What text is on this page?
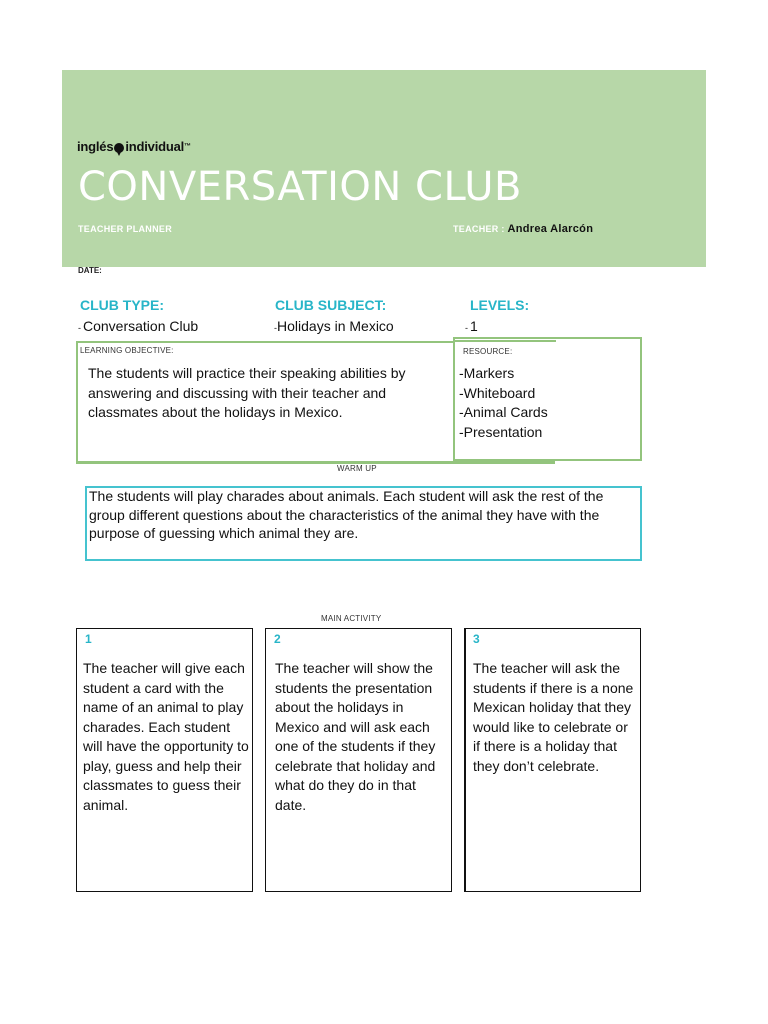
inglés individual ™
CONVERSATION CLUB
TEACHER PLANNER	TEACHER : Andrea Alarcón
DATE:
CLUB TYPE:
- Conversation Club
CLUB SUBJECT:
-Holidays in Mexico
LEVELS:
- 1
LEARNING OBJECTIVE:
The students will practice their speaking abilities by answering and discussing with their teacher and classmates about the holidays in Mexico.
RESOURCE:
-Markers
-Whiteboard
-Animal Cards
-Presentation
WARM UP
The students will play charades about animals. Each student will ask the rest of the group different questions about the characteristics of the animal they have with the purpose of guessing which animal they are.
MAIN ACTIVITY
1
The teacher will give each student a card with the name of an animal to play charades. Each student will have the opportunity to play, guess and help their classmates to guess their animal.
2
The teacher will show the students the presentation about the holidays in Mexico and will ask each one of the students if they celebrate that holiday and what do they do in that date.
3
The teacher will ask the students if there is a none Mexican holiday that they would like to celebrate or if there is a holiday that they don’t celebrate.
